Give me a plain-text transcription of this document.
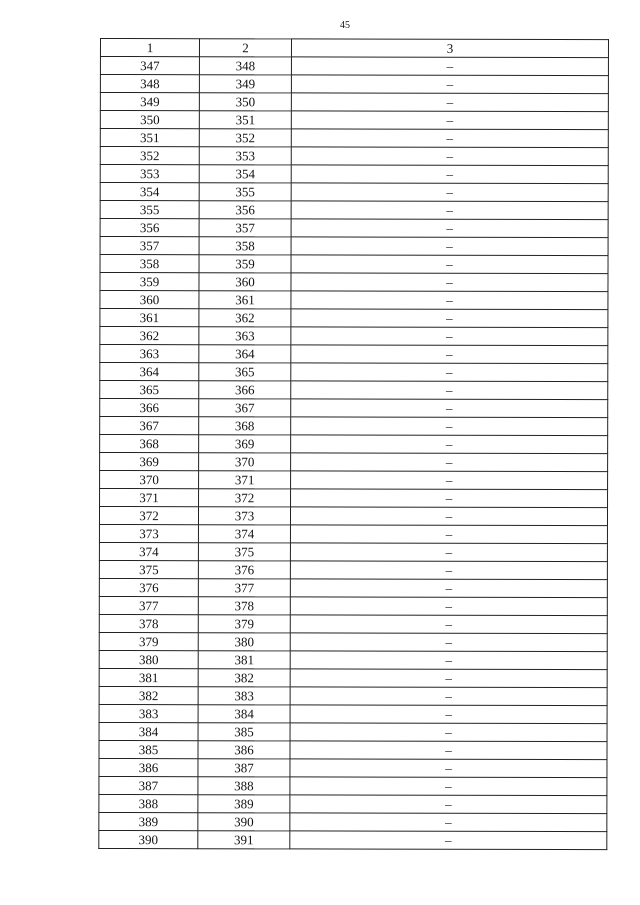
45
1	2	3
347	348	–
348	349	–
349	350	–
350	351	–
351	352	–
352	353	–
353	354	–
354	355	–
355	356	–
356	357	–
357	358	–
358	359	–
359	360	–
360	361	–
361	362	–
362	363	–
363	364	–
364	365	–
365	366	–
366	367	–
367	368	–
368	369	–
369	370	–
370	371	–
371	372	–
372	373	–
373	374	–
374	375	–
375	376	–
376	377	–
377	378	–
378	379	–
379	380	–
380	381	–
381	382	–
382	383	–
383	384	–
384	385	–
385	386	–
386	387	–
387	388	–
388	389	–
389	390	–
390	391	–
